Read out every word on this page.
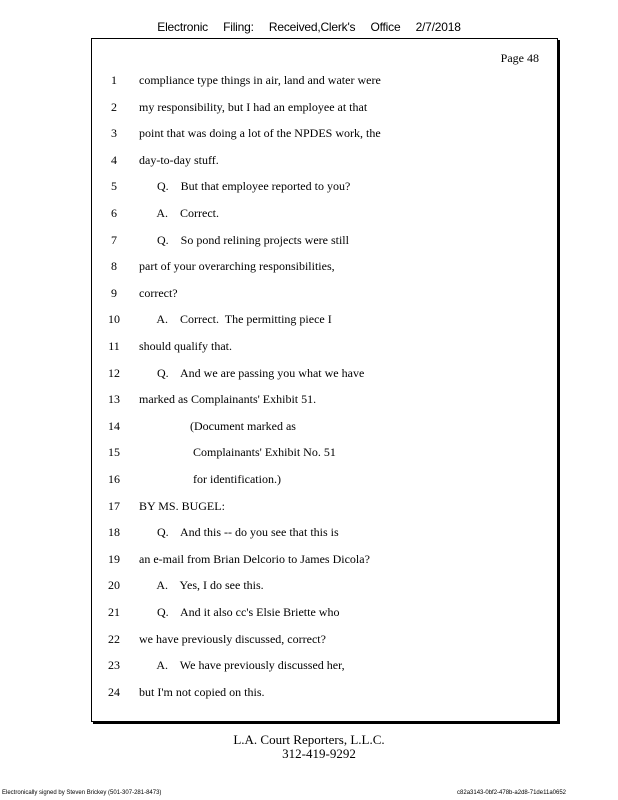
Electronic Filing: Received,Clerk's Office 2/7/2018
Page 48
1	compliance type things in air, land and water were
2	my responsibility, but I had an employee at that
3	point that was doing a lot of the NPDES work, the
4	day-to-day stuff.
5	Q.    But that employee reported to you?
6	A.    Correct.
7	Q.    So pond relining projects were still
8	part of your overarching responsibilities,
9	correct?
10	A.    Correct.  The permitting piece I
11	should qualify that.
12	Q.    And we are passing you what we have
13	marked as Complainants' Exhibit 51.
14	(Document marked as
15	Complainants' Exhibit No. 51
16	for identification.)
17	BY MS. BUGEL:
18	Q.    And this -- do you see that this is
19	an e-mail from Brian Delcorio to James Dicola?
20	A.    Yes, I do see this.
21	Q.    And it also cc's Elsie Briette who
22	we have previously discussed, correct?
23	A.    We have previously discussed her,
24	but I'm not copied on this.
L.A. Court Reporters, L.L.C.
312-419-9292
Electronically signed by Steven Brickey (501-307-281-8473)	c82a3143-0bf2-478b-a2d8-71de11a0652
